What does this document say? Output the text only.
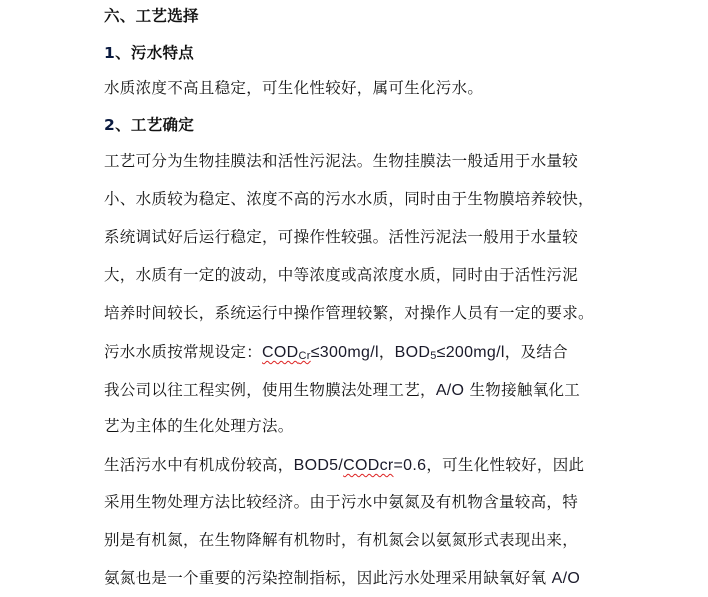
六、工艺选择
1、污水特点
水质浓度不高且稳定，可生化性较好，属可生化污水。
2、工艺确定
工艺可分为生物挂膜法和活性污泥法。生物挂膜法一般适用于水量较
小、水质较为稳定、浓度不高的污水水质，同时由于生物膜培养较快，
系统调试好后运行稳定，可操作性较强。活性污泥法一般用于水量较
大，水质有一定的波动，中等浓度或高浓度水质，同时由于活性污泥
培养时间较长，系统运行中操作管理较繁，对操作人员有一定的要求。
污水水质按常规设定：$COD_{Cr}\le 300mg/l$，$BOD_5\le 200mg/l$，及结合
我公司以往工程实例，使用生物膜法处理工艺，A/O 生物接触氧化工
艺为主体的生化处理方法。
生活污水中有机成份较高，BOD5/CODcr=0.6，可生化性较好，因此
采用生物处理方法比较经济。由于污水中氨氮及有机物含量较高，特
别是有机氮，在生物降解有机物时，有机氮会以氨氮形式表现出来，
氨氮也是一个重要的污染控制指标，因此污水处理采用缺氧好氧 A/O
